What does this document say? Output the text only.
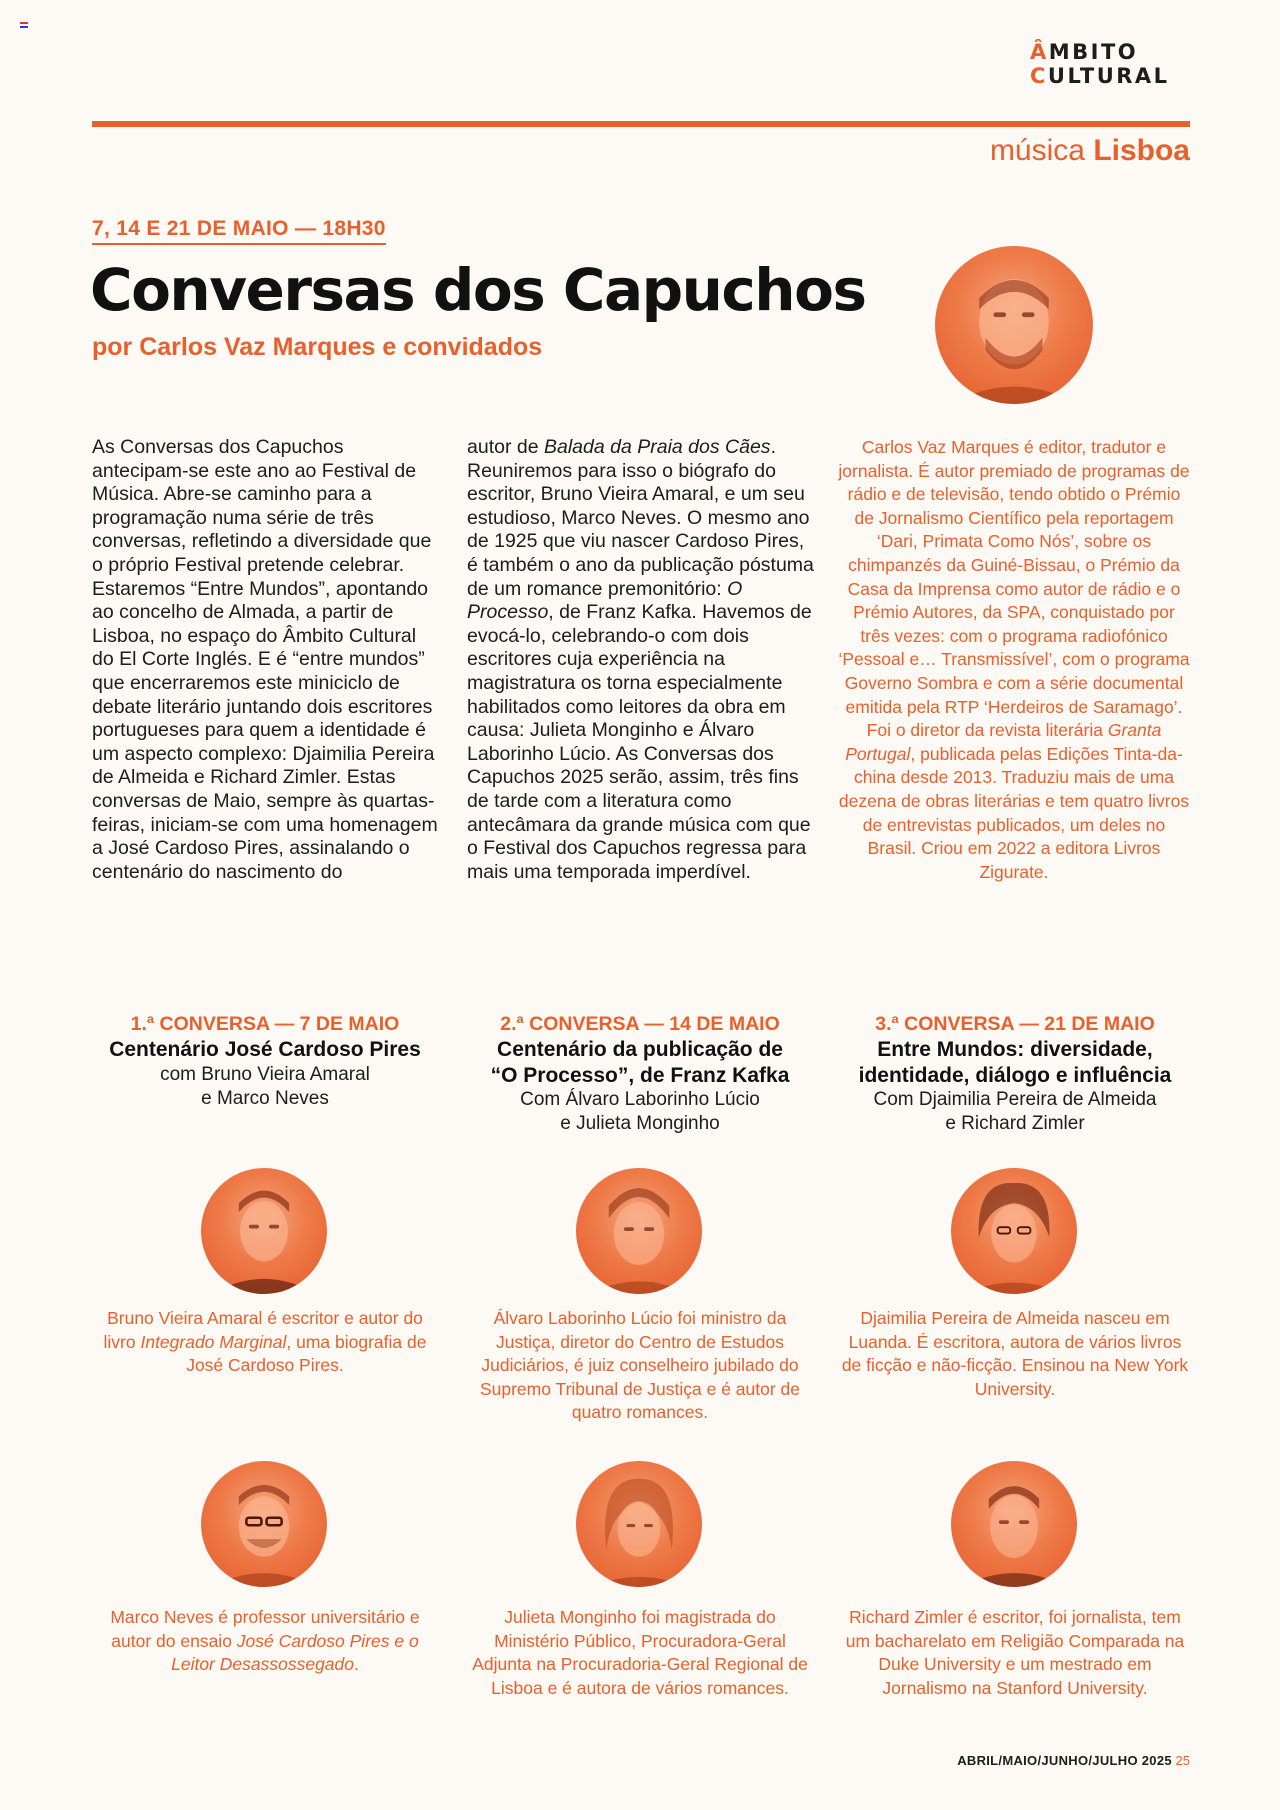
ÂMBITO
CULTURAL
música Lisboa
7, 14 E 21 DE MAIO — 18H30
Conversas dos Capuchos
por Carlos Vaz Marques e convidados
As Conversas dos Capuchos antecipam-se este ano ao Festival de Música. Abre-se caminho para a programação numa série de três conversas, refletindo a diversidade que o próprio Festival pretende celebrar. Estaremos “Entre Mundos”, apontando ao concelho de Almada, a partir de Lisboa, no espaço do Âmbito Cultural do El Corte Inglés. E é “entre mundos” que encerraremos este miniciclo de debate literário juntando dois escritores portugueses para quem a identidade é um aspecto complexo: Djaimilia Pereira de Almeida e Richard Zimler. Estas conversas de Maio, sempre às quartas-feiras, iniciam-se com uma homenagem a José Cardoso Pires, assinalando o centenário do nascimento do
autor de Balada da Praia dos Cães. Reuniremos para isso o biógrafo do escritor, Bruno Vieira Amaral, e um seu estudioso, Marco Neves. O mesmo ano de 1925 que viu nascer Cardoso Pires, é também o ano da publicação póstuma de um romance premonitório: O Processo, de Franz Kafka. Havemos de evocá-lo, celebrando-o com dois escritores cuja experiência na magistratura os torna especialmente habilitados como leitores da obra em causa: Julieta Monginho e Álvaro Laborinho Lúcio. As Conversas dos Capuchos 2025 serão, assim, três fins de tarde com a literatura como antecâmara da grande música com que o Festival dos Capuchos regressa para mais uma temporada imperdível.
Carlos Vaz Marques é editor, tradutor e jornalista. É autor premiado de programas de rádio e de televisão, tendo obtido o Prémio de Jornalismo Científico pela reportagem ‘Dari, Primata Como Nós’, sobre os chimpanzés da Guiné-Bissau, o Prémio da Casa da Imprensa como autor de rádio e o Prémio Autores, da SPA, conquistado por três vezes: com o programa radiofónico ‘Pessoal e… Transmissível’, com o programa Governo Sombra e com a série documental emitida pela RTP ‘Herdeiros de Saramago’. Foi o diretor da revista literária Granta Portugal, publicada pelas Edições Tinta-da-china desde 2013. Traduziu mais de uma dezena de obras literárias e tem quatro livros de entrevistas publicados, um deles no Brasil. Criou em 2022 a editora Livros Zigurate.
1.ª CONVERSA — 7 DE MAIO
Centenário José Cardoso Pires
com Bruno Vieira Amaral
e Marco Neves
2.ª CONVERSA — 14 DE MAIO
Centenário da publicação de
“O Processo”, de Franz Kafka
Com Álvaro Laborinho Lúcio
e Julieta Monginho
3.ª CONVERSA — 21 DE MAIO
Entre Mundos: diversidade,
identidade, diálogo e influência
Com Djaimilia Pereira de Almeida
e Richard Zimler
Bruno Vieira Amaral é escritor e autor do livro Integrado Marginal, uma biografia de José Cardoso Pires.
Álvaro Laborinho Lúcio foi ministro da Justiça, diretor do Centro de Estudos Judiciários, é juiz conselheiro jubilado do Supremo Tribunal de Justiça e é autor de quatro romances.
Djaimilia Pereira de Almeida nasceu em Luanda. É escritora, autora de vários livros de ficção e não-ficção. Ensinou na New York University.
Marco Neves é professor universitário e autor do ensaio José Cardoso Pires e o Leitor Desassossegado.
Julieta Monginho foi magistrada do Ministério Público, Procuradora-Geral Adjunta na Procuradoria-Geral Regional de Lisboa e é autora de vários romances.
Richard Zimler é escritor, foi jornalista, tem um bacharelato em Religião Comparada na Duke University e um mestrado em Jornalismo na Stanford University.
ABRIL/MAIO/JUNHO/JULHO 2025 25
